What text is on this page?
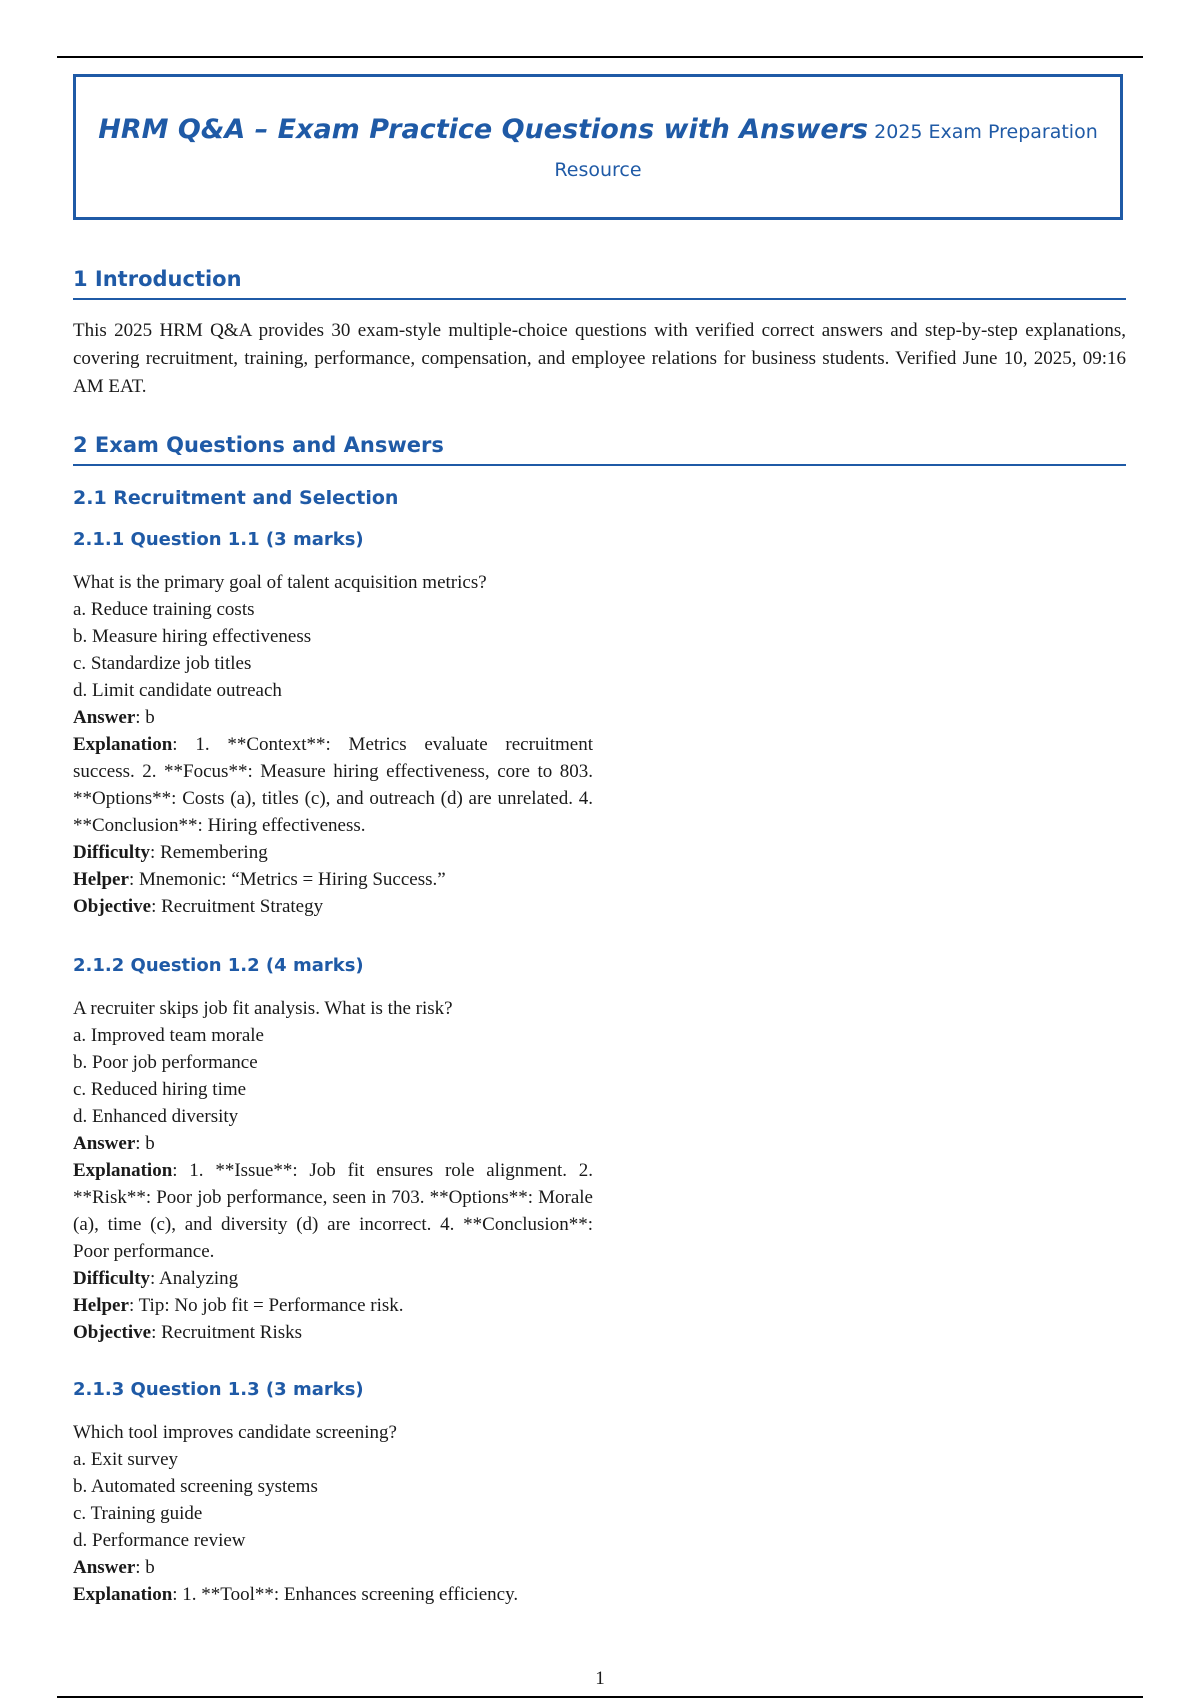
HRM Q&A – Exam Practice Questions with Answers 2025 Exam Preparation Resource
1 Introduction
This 2025 HRM Q&A provides 30 exam-style multiple-choice questions with verified correct answers and step-by-step explanations, covering recruitment, training, performance, compensation, and employee relations for business students. Verified June 10, 2025, 09:16 AM EAT.
2 Exam Questions and Answers
2.1 Recruitment and Selection
2.1.1 Question 1.1 (3 marks)
What is the primary goal of talent acquisition metrics?
a. Reduce training costs
b. Measure hiring effectiveness
c. Standardize job titles
d. Limit candidate outreach
Answer: b
Explanation: 1. **Context**: Metrics evaluate recruitment success. 2. **Focus**: Measure hiring effectiveness, core to 803. **Options**: Costs (a), titles (c), and outreach (d) are unrelated. 4. **Conclusion**: Hiring effectiveness.
Difficulty: Remembering
Helper: Mnemonic: “Metrics = Hiring Success.”
Objective: Recruitment Strategy
2.1.2 Question 1.2 (4 marks)
A recruiter skips job fit analysis. What is the risk?
a. Improved team morale
b. Poor job performance
c. Reduced hiring time
d. Enhanced diversity
Answer: b
Explanation: 1. **Issue**: Job fit ensures role alignment. 2. **Risk**: Poor job performance, seen in 703. **Options**: Morale (a), time (c), and diversity (d) are incorrect. 4. **Conclusion**: Poor performance.
Difficulty: Analyzing
Helper: Tip: No job fit = Performance risk.
Objective: Recruitment Risks
2.1.3 Question 1.3 (3 marks)
Which tool improves candidate screening?
a. Exit survey
b. Automated screening systems
c. Training guide
d. Performance review
Answer: b
Explanation: 1. **Tool**: Enhances screening efficiency.
1
